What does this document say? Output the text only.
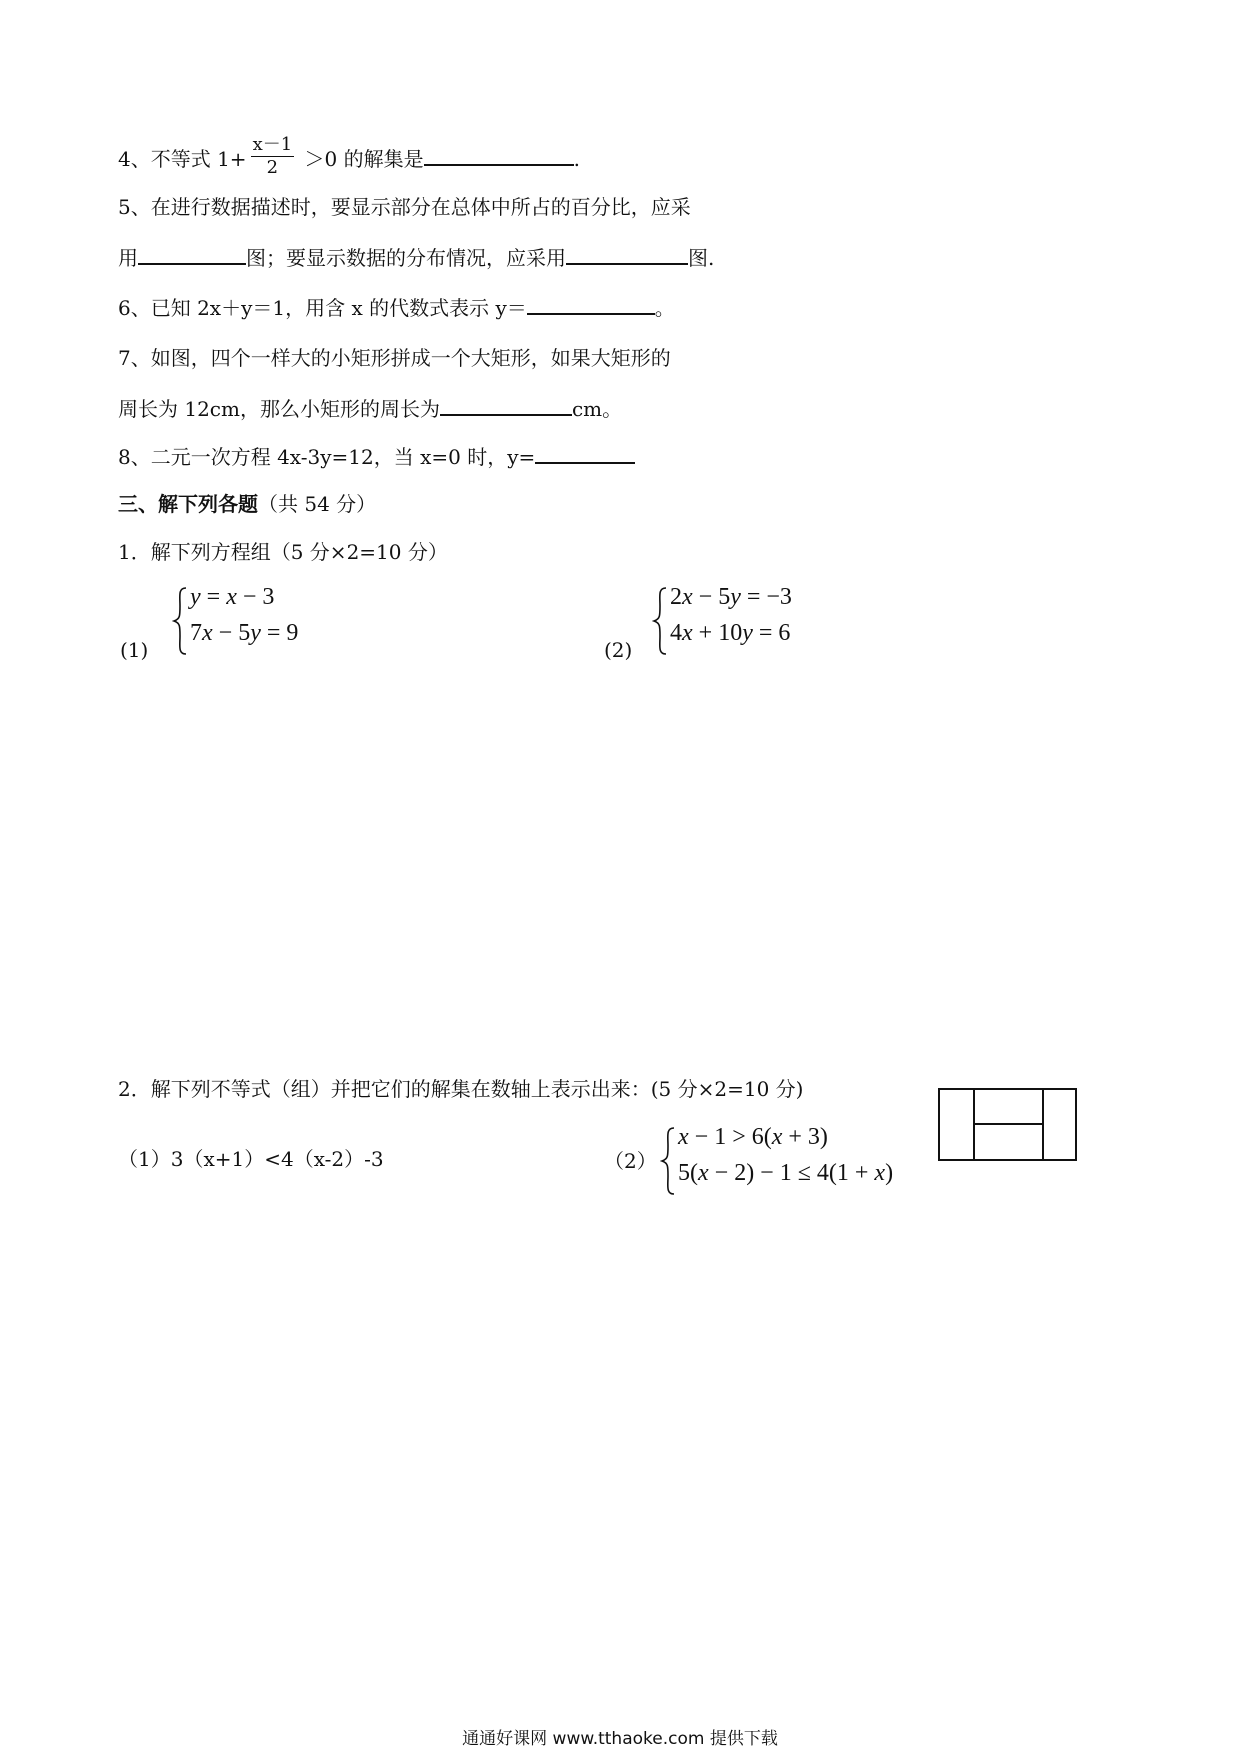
4、不等式 $1+ \frac{x-1}{2} >0$ 的解集是	.
5、在进行数据描述时，要显示部分在总体中所占的百分比，应采
用	图；要显示数据的分布情况，应采用	图.
6、已知 2x＋y＝1，用含 x 的代数式表示 y＝	。
7、如图，四个一样大的小矩形拼成一个大矩形，如果大矩形的
周长为 12cm，那么小矩形的周长为	cm。
8、二元一次方程 4x-3y=12，当 x=0 时，y=
三、解下列各题（共 54 分）
1．解下列方程组（5 分×2=10 分）
(1)
y = x − 3
7x − 5y = 9
(2)
2x − 5y = −3
4x + 10y = 6
2．解下列不等式（组）并把它们的解集在数轴上表示出来：(5 分×2=10 分)
（1）3（x+1）<4（x-2）-3	（2）
x − 1 > 6(x + 3)
5(x − 2) − 1 ≤ 4(1 + x)
通通好课网 www.tthaoke.com 提供下载
